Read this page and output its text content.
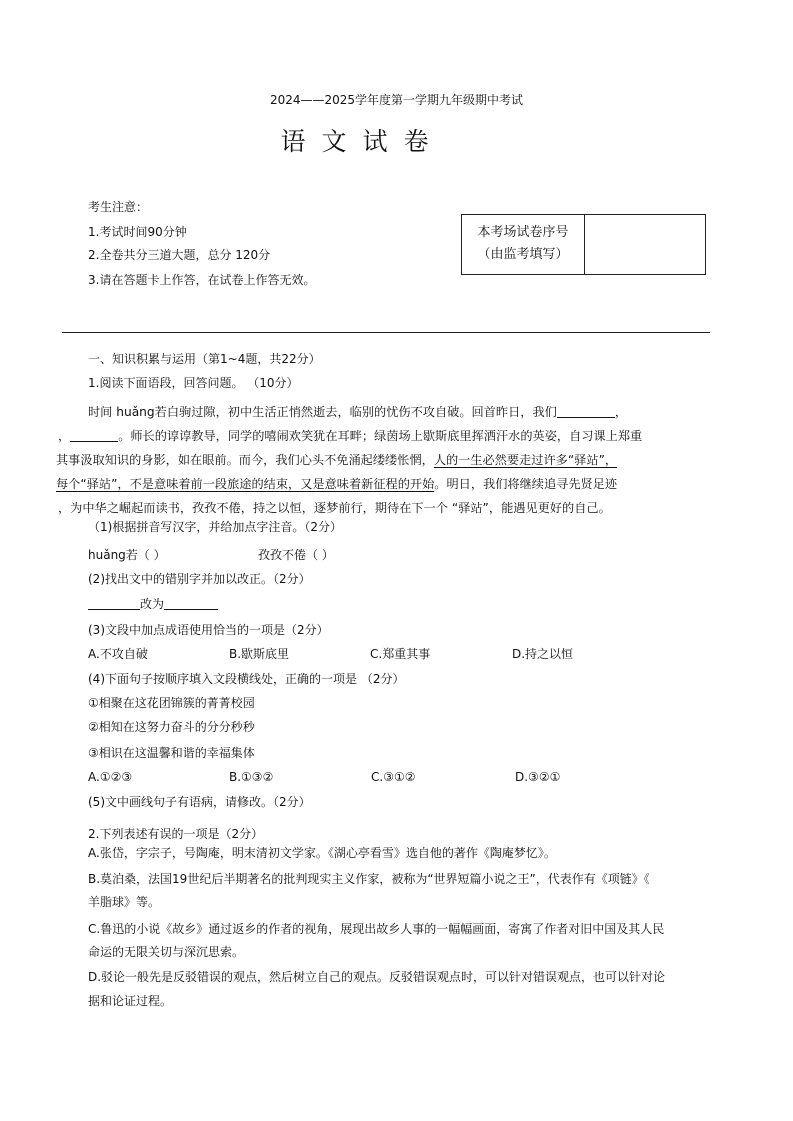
2024——2025学年度第一学期九年级期中考试
语文试卷
考生注意：
1.考试时间90分钟
2.全卷共分三道大题，总分 120分
3.请在答题卡上作答，在试卷上作答无效。
本考场试卷序号
（由监考填写）
一、知识积累与运用（第1~4题，共22分）
1.阅读下面语段，回答问题。 （10分）
时间 huǎng若白驹过隙，初中生活正悄然逝去，临别的忧伤不攻自破。回首昨日，我们	，
，	。师长的谆谆教导，同学的嘻闹欢笑犹在耳畔；绿茵场上歇斯底里挥洒汗水的英姿，自习课上郑重
其事汲取知识的身影，如在眼前。而今，我们心头不免涌起缕缕怅惘，人的一生必然要走过许多“驿站”，
每个“驿站”，不是意味着前一段旅途的结束，又是意味着新征程的开始。明日，我们将继续追寻先贤足迹
，为中华之崛起而读书，孜孜不倦，持之以恒，逐梦前行，期待在下一个 “驿站”，能遇见更好的自己。
（1)根据拼音写汉字，并给加点字注音。（2分）
huǎng若（ ）	孜孜不倦（ ）
(2)找出文中的错别字并加以改正。（2分）
改为
(3)文段中加点成语使用恰当的一项是（2分）
A.不攻自破	B.歇斯底里	C.郑重其事	D.持之以恒
(4)下面句子按顺序填入文段横线处，正确的一项是 （2分）
①相聚在这花团锦簇的菁菁校园
②相知在这努力奋斗的分分秒秒
③相识在这温馨和谐的幸福集体
A.①②③	B.①③②	C.③①②	D.③②①
(5)文中画线句子有语病，请修改。（2分）
2.下列表述有误的一项是（2分）
A.张岱，字宗子，号陶庵，明末清初文学家。《湖心亭看雪》选自他的著作《陶庵梦忆》。
B.莫泊桑，法国19世纪后半期著名的批判现实主义作家，被称为“世界短篇小说之王”，代表作有《项链》《
羊脂球》等。
C.鲁迅的小说《故乡》通过返乡的作者的视角，展现出故乡人事的一幅幅画面，寄寓了作者对旧中国及其人民
命运的无限关切与深沉思索。
D.驳论一般先是反驳错误的观点，然后树立自己的观点。反驳错误观点时，可以针对错误观点，也可以针对论
据和论证过程。
